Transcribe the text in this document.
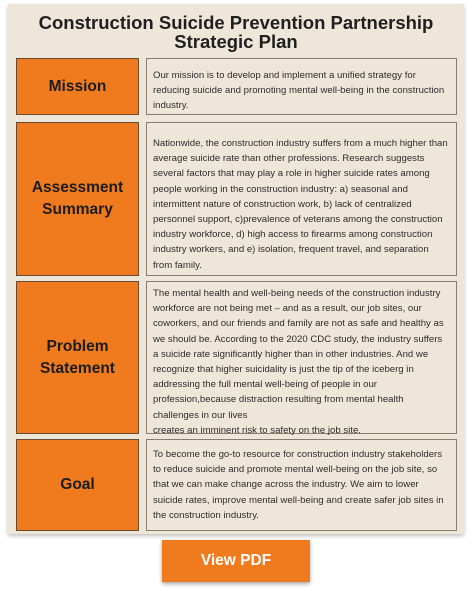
Construction Suicide Prevention Partnership
Strategic Plan
Mission

Our mission is to develop and implement a unified strategy for reducing suicide and promoting mental well-being in the construction industry.

Assessment Summary

Nationwide, the construction industry suffers from a much higher than average suicide rate than other professions. Research suggests several factors that may play a role in higher suicide rates among people working in the construction industry: a) seasonal and intermittent nature of construction work, b) lack of centralized personnel support, c)prevalence of veterans among the construction industry workforce, d) high access to firearms among construction industry workers, and e) isolation, frequent travel, and separation from family.

Problem Statement

The mental health and well-being needs of the construction industry workforce are not being met – and as a result, our job sites, our coworkers, and our friends and family are not as safe and healthy as we should be. According to the 2020 CDC study, the industry suffers a suicide rate significantly higher than in other industries. And we recognize that higher suicidality is just the tip of the iceberg in addressing the full mental well-being of people in our profession,because distraction resulting from mental health challenges in our lives
creates an imminent risk to safety on the job site.

Goal

To become the go-to resource for construction industry stakeholders to reduce suicide and promote mental well-being on the job site, so that we can make change across the industry. We aim to lower suicide rates, improve mental well-being and create safer job sites in the construction industry.

View PDF
